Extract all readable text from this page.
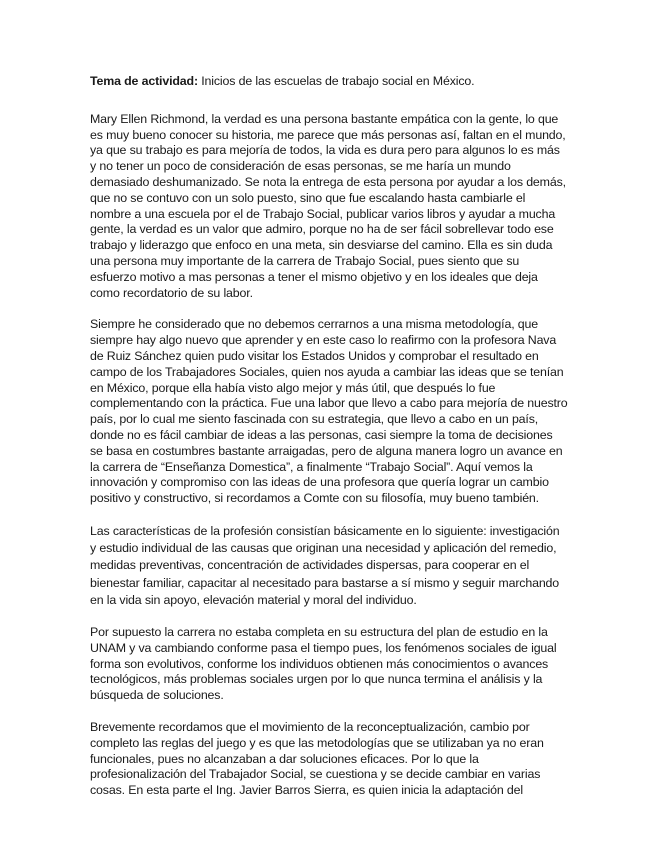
Tema de actividad: Inicios de las escuelas de trabajo social en México.

Mary Ellen Richmond, la verdad es una persona bastante empática con la gente, lo que es muy bueno conocer su historia, me parece que más personas así, faltan en el mundo, ya que su trabajo es para mejoría de todos, la vida es dura pero para algunos lo es más y no tener un poco de consideración de esas personas, se me haría un mundo demasiado deshumanizado. Se nota la entrega de esta persona por ayudar a los demás, que no se contuvo con un solo puesto, sino que fue escalando hasta cambiarle el nombre a una escuela por el de Trabajo Social, publicar varios libros y ayudar a mucha gente, la verdad es un valor que admiro, porque no ha de ser fácil sobrellevar todo ese trabajo y liderazgo que enfoco en una meta, sin desviarse del camino. Ella es sin duda una persona muy importante de la carrera de Trabajo Social, pues siento que su esfuerzo motivo a mas personas a tener el mismo objetivo y en los ideales que deja como recordatorio de su labor.

Siempre he considerado que no debemos cerrarnos a una misma metodología, que siempre hay algo nuevo que aprender y en este caso lo reafirmo con la profesora Nava de Ruiz Sánchez quien pudo visitar los Estados Unidos y comprobar el resultado en campo de los Trabajadores Sociales, quien nos ayuda a cambiar las ideas que se tenían en México, porque ella había visto algo mejor y más útil, que después lo fue complementando con la práctica. Fue una labor que llevo a cabo para mejoría de nuestro país, por lo cual me siento fascinada con su estrategia, que llevo a cabo en un país, donde no es fácil cambiar de ideas a las personas, casi siempre la toma de decisiones se basa en costumbres bastante arraigadas, pero de alguna manera logro un avance en la carrera de “Enseñanza Domestica”, a finalmente “Trabajo Social”. Aquí vemos la innovación y compromiso con las ideas de una profesora que quería lograr un cambio positivo y constructivo, si recordamos a Comte con su filosofía, muy bueno también.

Las características de la profesión consistían básicamente en lo siguiente: investigación y estudio individual de las causas que originan una necesidad y aplicación del remedio, medidas preventivas, concentración de actividades dispersas, para cooperar en el bienestar familiar, capacitar al necesitado para bastarse a sí mismo y seguir marchando en la vida sin apoyo, elevación material y moral del individuo.

Por supuesto la carrera no estaba completa en su estructura del plan de estudio en la UNAM y va cambiando conforme pasa el tiempo pues, los fenómenos sociales de igual forma son evolutivos, conforme los individuos obtienen más conocimientos o avances tecnológicos, más problemas sociales urgen por lo que nunca termina el análisis y la búsqueda de soluciones.

Brevemente recordamos que el movimiento de la reconceptualización, cambio por completo las reglas del juego y es que las metodologías que se utilizaban ya no eran funcionales, pues no alcanzaban a dar soluciones eficaces. Por lo que la profesionalización del Trabajador Social, se cuestiona y se decide cambiar en varias cosas. En esta parte el Ing. Javier Barros Sierra, es quien inicia la adaptación del
